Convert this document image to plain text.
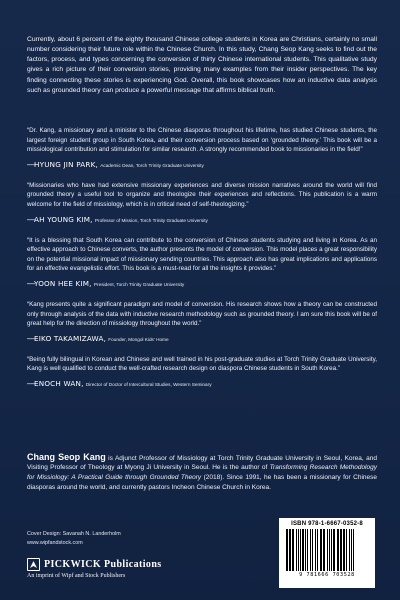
Currently, about 6 percent of the eighty thousand Chinese college students in Korea are Christians, certainly no small number considering their future role within the Chinese Church. In this study, Chang Seop Kang seeks to find out the factors, process, and types concerning the conversion of thirty Chinese international students. This qualitative study gives a rich picture of their conversion stories, providing many examples from their insider perspectives. The key finding connecting these stories is experiencing God. Overall, this book showcases how an inductive data analysis such as grounded theory can produce a powerful message that affirms biblical truth.

“Dr. Kang, a missionary and a minister to the Chinese diasporas throughout his lifetime, has studied Chinese students, the largest foreign student group in South Korea, and their conversion process based on ‘grounded theory.’ This book will be a missiological contribution and stimulation for similar research. A strongly recommended book to missionaries in the field!”
—HYUNG JIN PARK, Academic Dean, Torch Trinity Graduate University
“Missionaries who have had extensive missionary experiences and diverse mission narratives around the world will find grounded theory a useful tool to organize and theologize their experiences and reflections. This publication is a warm welcome for the field of missiology, which is in critical need of self-theologizing.”
—AH YOUNG KIM, Professor of Mission, Torch Trinity Graduate University
“It is a blessing that South Korea can contribute to the conversion of Chinese students studying and living in Korea. As an effective approach to Chinese converts, the author presents the model of conversion. This model places a great responsibility on the potential missional impact of missionary sending countries. This approach also has great implications and applications for an effective evangelistic effort. This book is a must-read for all the insights it provides.”
—YOON HEE KIM, President, Torch Trinity Graduate University
“Kang presents quite a significant paradigm and model of conversion. His research shows how a theory can be constructed only through analysis of the data with inductive research methodology such as grounded theory. I am sure this book will be of great help for the direction of missiology throughout the world.”
—EIKO TAKAMIZAWA, Founder, Mongol Kids’ Home
“Being fully bilingual in Korean and Chinese and well trained in his post-graduate studies at Torch Trinity Graduate University, Kang is well qualified to conduct the well-crafted research design on diaspora Chinese students in South Korea.”
—ENOCH WAN, Director of Doctor of Intercultural Studies, Western Seminary

Chang Seop Kang is Adjunct Professor of Missiology at Torch Trinity Graduate University in Seoul, Korea, and Visiting Professor of Theology at Myong Ji University in Seoul. He is the author of Transforming Research Methodology for Missiology: A Practical Guide through Grounded Theory (2018). Since 1991, he has been a missionary for Chinese diasporas around the world, and currently pastors Incheon Chinese Church in Korea.

Cover Design: Savanah N. Landerholm
www.wipfandstock.com
PICKWICK Publications
An imprint of Wipf and Stock Publishers
ISBN 978-1-6667-0352-8
9 781666 703528
